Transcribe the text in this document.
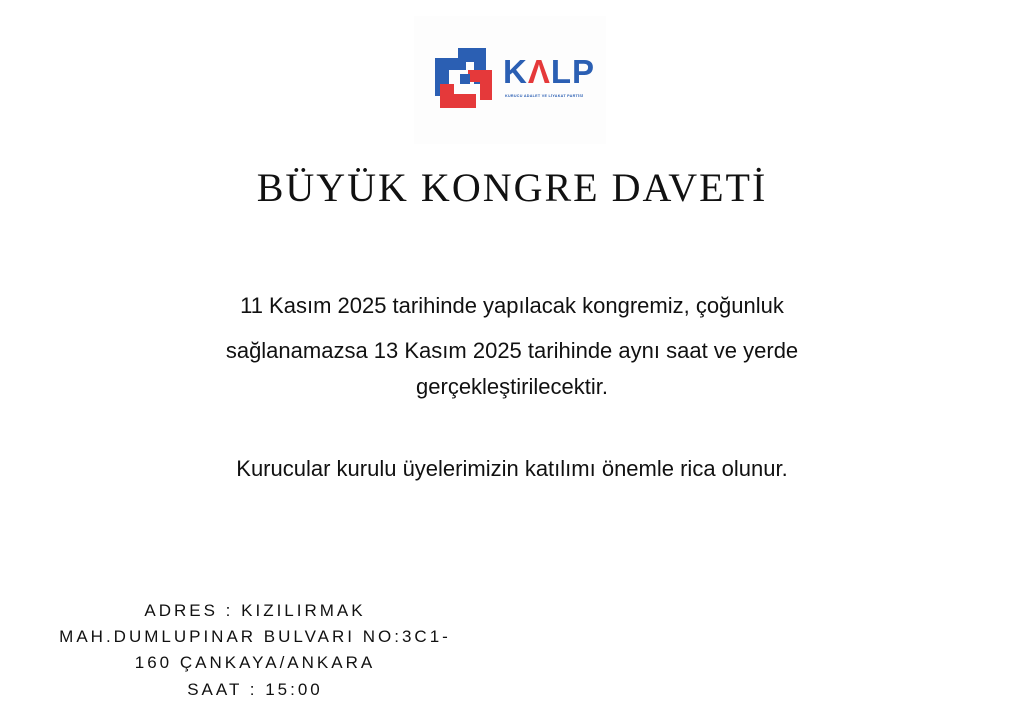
KΛLP
KURUCU ADALET VE LİYAKAT PARTİSİ
BÜYÜK KONGRE DAVETİ
11 Kasım 2025 tarihinde yapılacak kongremiz, çoğunluk
sağlanamazsa 13 Kasım 2025 tarihinde aynı saat ve yerde
gerçekleştirilecektir.
Kurucular kurulu üyelerimizin katılımı önemle rica olunur.
ADRES : KIZILIRMAK
MAH.DUMLUPINAR BULVARI NO:3C1-
160 ÇANKAYA/ANKARA
SAAT : 15:00
